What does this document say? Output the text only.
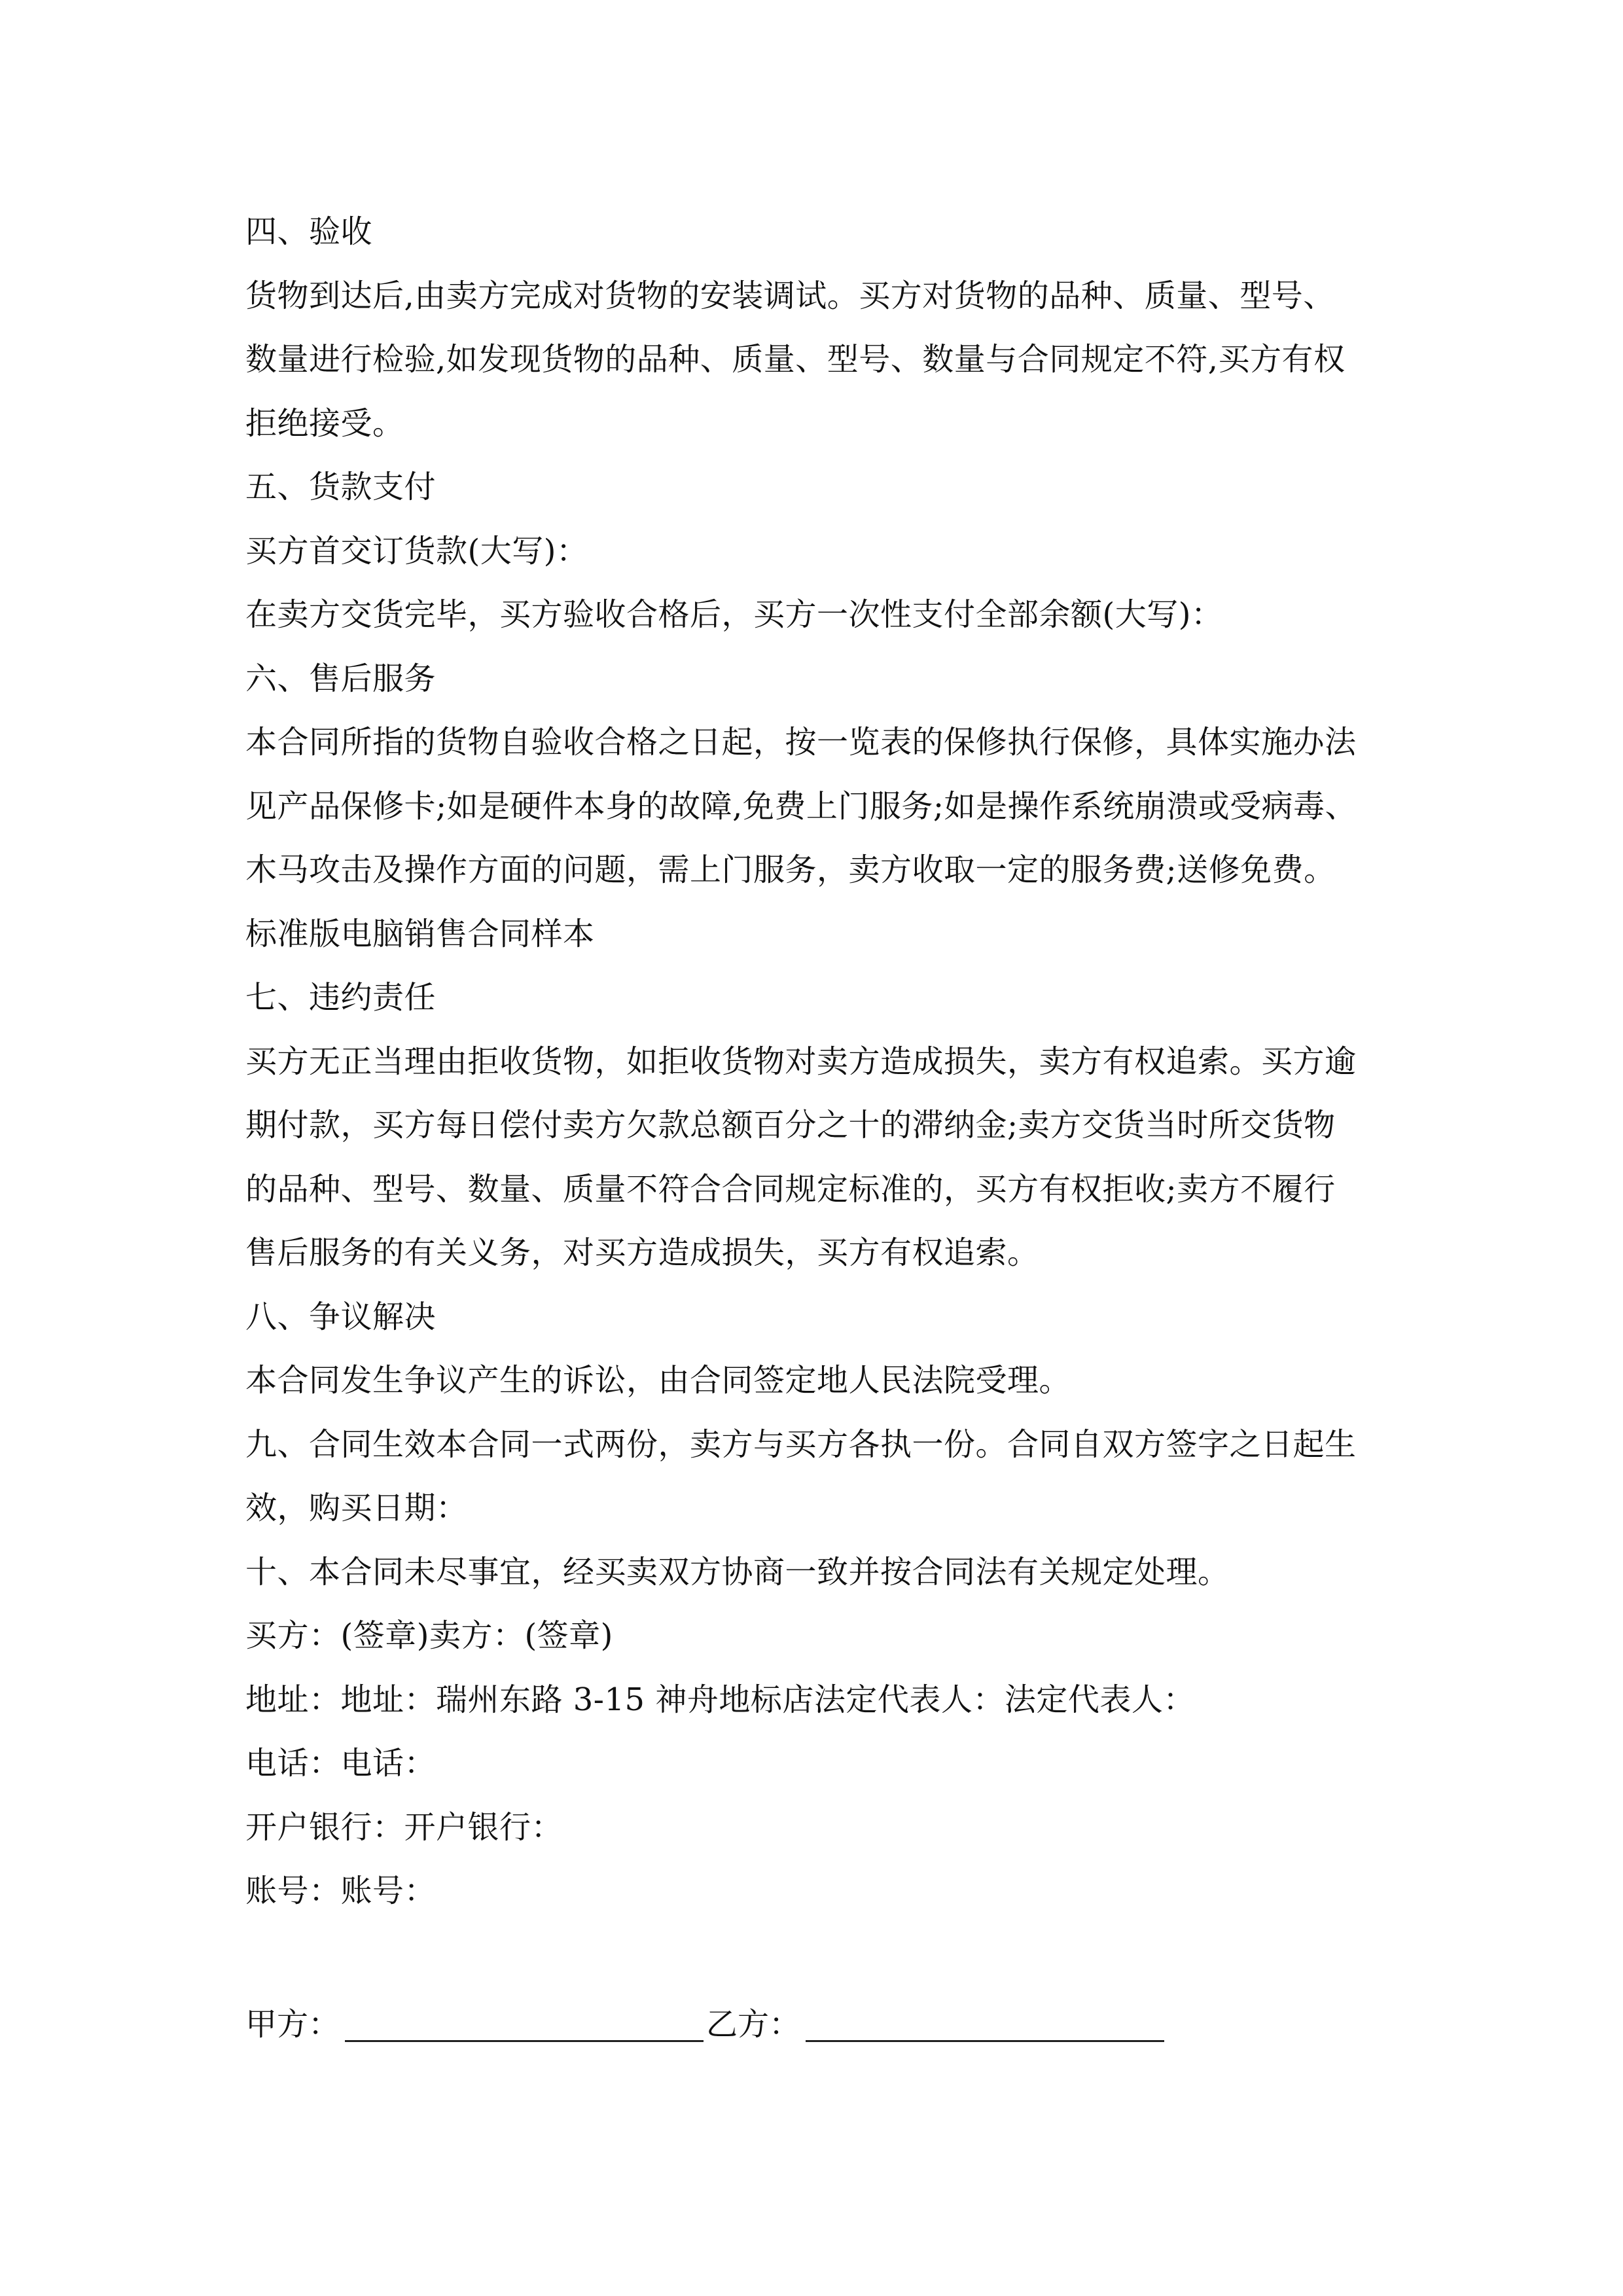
四、验收

货物到达后,由卖方完成对货物的安装调试。买方对货物的品种、质量、型号、

数量进行检验,如发现货物的品种、质量、型号、数量与合同规定不符,买方有权

拒绝接受。

五、货款支付

买方首交订货款(大写)：

在卖方交货完毕，买方验收合格后，买方一次性支付全部余额(大写)：

六、售后服务

本合同所指的货物自验收合格之日起，按一览表的保修执行保修，具体实施办法

见产品保修卡;如是硬件本身的故障,免费上门服务;如是操作系统崩溃或受病毒、

木马攻击及操作方面的问题，需上门服务，卖方收取一定的服务费;送修免费。

标准版电脑销售合同样本

七、违约责任

买方无正当理由拒收货物，如拒收货物对卖方造成损失，卖方有权追索。买方逾

期付款，买方每日偿付卖方欠款总额百分之十的滞纳金;卖方交货当时所交货物

的品种、型号、数量、质量不符合合同规定标准的，买方有权拒收;卖方不履行

售后服务的有关义务，对买方造成损失，买方有权追索。

八、争议解决

本合同发生争议产生的诉讼，由合同签定地人民法院受理。

九、合同生效本合同一式两份，卖方与买方各执一份。合同自双方签字之日起生

效，购买日期：

十、本合同未尽事宜，经买卖双方协商一致并按合同法有关规定处理。

买方：(签章)卖方：(签章)

地址：地址：瑞州东路 3-15 神舟地标店法定代表人：法定代表人：

电话：电话：

开户银行：开户银行：

账号：账号：

甲方：	乙方：
